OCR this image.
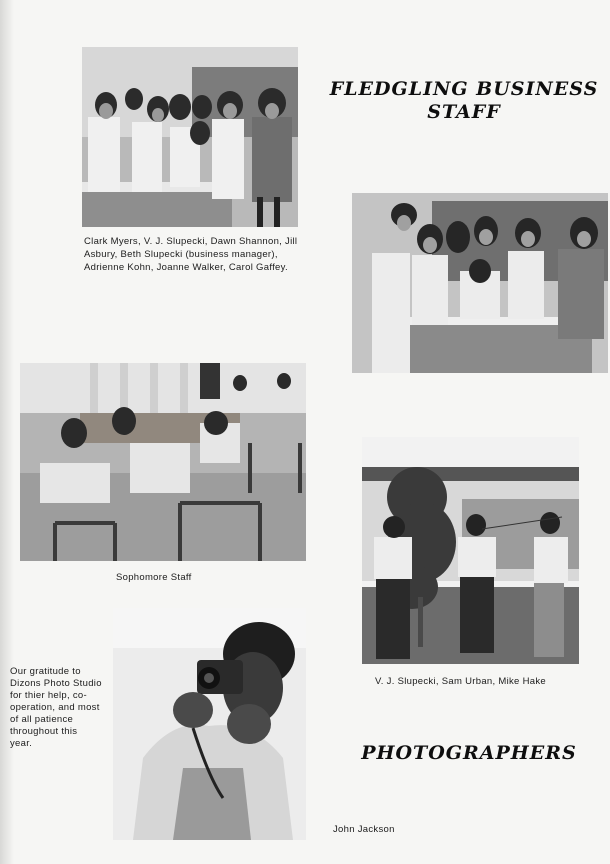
Clark Myers, V. J. Slupecki, Dawn Shannon, Jill Asbury, Beth Slupecki (business manager), Adrienne Kohn, Joanne Walker, Carol Gaffey.
FLEDGLING BUSINESS
STAFF
Sophomore Staff
V. J. Slupecki, Sam Urban, Mike Hake
Our gratitude to Dizons Photo Studio for thier help, co-operation, and most of all patience throughout this year.	PHOTOGRAPHERS
John Jackson
